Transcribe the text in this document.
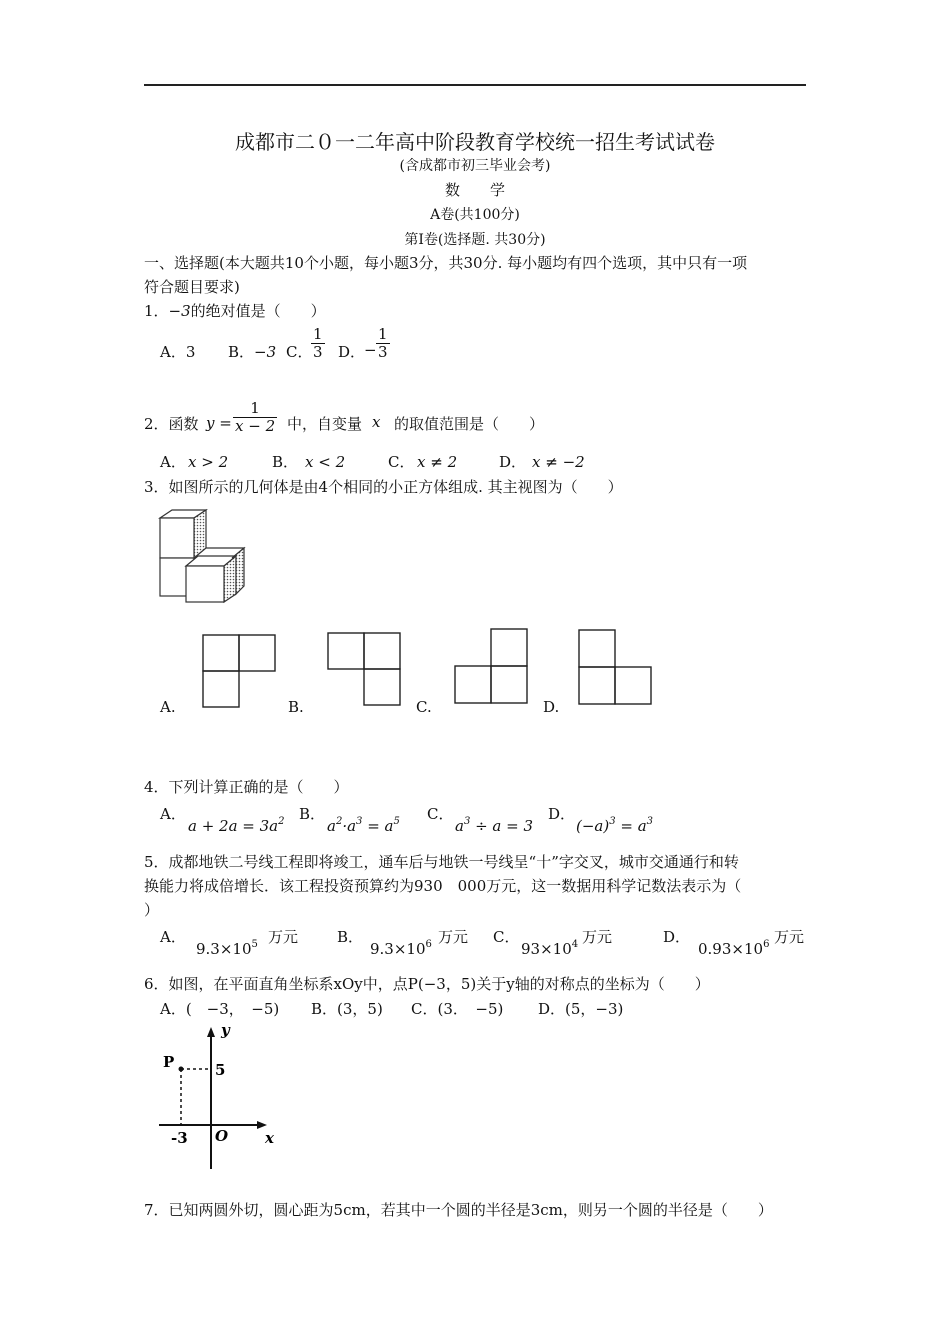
成都市二０一二年高中阶段教育学校统一招生考试试卷
(含成都市初三毕业会考)
数　　学
A卷(共100分)
第Ⅰ卷(选择题. 共30分)
一、选择题(本大题共10个小题，每小题3分，共30分. 每小题均有四个选项，其中只有一项
符合题目要求)
1．−3的绝对值是（　　）
A．3 B．−3 C．
$\frac{1}{3}$ D．
− $\frac{1}{3}$
2．函数 $y = \frac{1}{x - 2}$ 中，自变量 x 的取值范围是（　　）
A． x > 2	B． x < 2	C． x ≠ 2	D． x ≠ −2
3．如图所示的几何体是由4个相同的小正方体组成. 其主视图为（　　）
A.	B.	C.	D.
4．下列计算正确的是（　　）
A．
$a + 2a = 3a^2$ B．
$a^2\cdot a^3 = a^5$ C．
$a^3 \div a = 3$
D．
$(-a)^3 = a^3$
5．成都地铁二号线工程即将竣工，通车后与地铁一号线呈“十”字交叉，城市交通通行和转
换能力将成倍增长．该工程投资预算约为930　000万元，这一数据用科学记数法表示为（
）
A．
$9.3\times 10^5$ 万元	B．
$9.3\times 10^6$ 万元 C．
$93\times 10^4$ 万元	D．
$0.93\times 10^6$ 万元
6．如图，在平面直角坐标系xOy中，点P(−3，5)关于y轴的对称点的坐标为（　　）
A．(　−3，　−5) B．(3，5) C．(3．　−5) D．(5，−3)
P	5
y
-3 O x
7．已知两圆外切，圆心距为5cm，若其中一个圆的半径是3cm，则另一个圆的半径是（　　）
